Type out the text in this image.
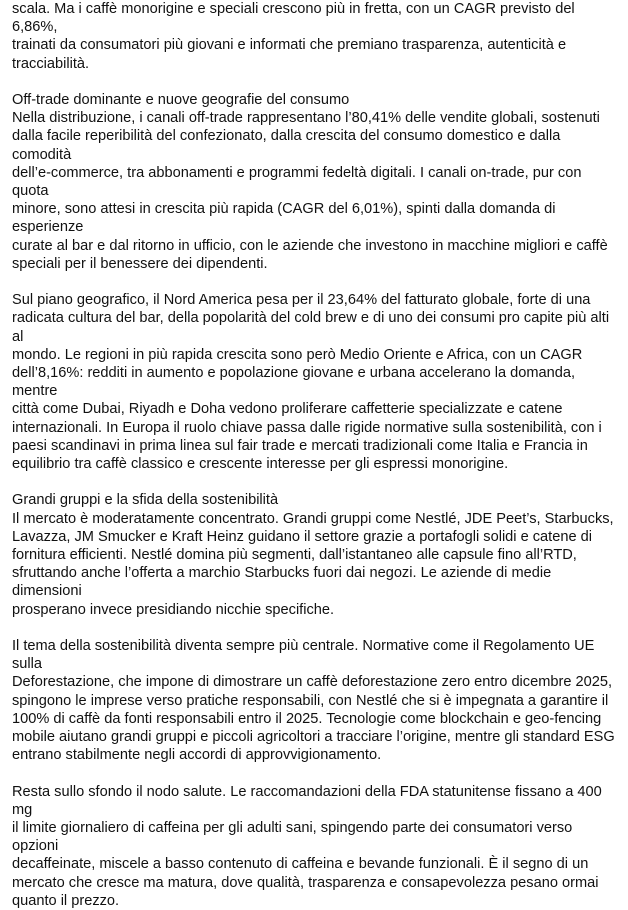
scala. Ma i caffè monorigine e speciali crescono più in fretta, con un CAGR previsto del 6,86%,
trainati da consumatori più giovani e informati che premiano trasparenza, autenticità e
tracciabilità.

Off-trade dominante e nuove geografie del consumo

Nella distribuzione, i canali off-trade rappresentano l’80,41% delle vendite globali, sostenuti
dalla facile reperibilità del confezionato, dalla crescita del consumo domestico e dalla comodità
dell’e-commerce, tra abbonamenti e programmi fedeltà digitali. I canali on-trade, pur con quota
minore, sono attesi in crescita più rapida (CAGR del 6,01%), spinti dalla domanda di esperienze
curate al bar e dal ritorno in ufficio, con le aziende che investono in macchine migliori e caffè
speciali per il benessere dei dipendenti.

Sul piano geografico, il Nord America pesa per il 23,64% del fatturato globale, forte di una
radicata cultura del bar, della popolarità del cold brew e di uno dei consumi pro capite più alti al
mondo. Le regioni in più rapida crescita sono però Medio Oriente e Africa, con un CAGR
dell’8,16%: redditi in aumento e popolazione giovane e urbana accelerano la domanda, mentre
città come Dubai, Riyadh e Doha vedono proliferare caffetterie specializzate e catene
internazionali. In Europa il ruolo chiave passa dalle rigide normative sulla sostenibilità, con i
paesi scandinavi in prima linea sul fair trade e mercati tradizionali come Italia e Francia in
equilibrio tra caffè classico e crescente interesse per gli espressi monorigine.

Grandi gruppi e la sfida della sostenibilità

Il mercato è moderatamente concentrato. Grandi gruppi come Nestlé, JDE Peet’s, Starbucks,
Lavazza, JM Smucker e Kraft Heinz guidano il settore grazie a portafogli solidi e catene di
fornitura efficienti. Nestlé domina più segmenti, dall’istantaneo alle capsule fino all’RTD,
sfruttando anche l’offerta a marchio Starbucks fuori dai negozi. Le aziende di medie dimensioni
prosperano invece presidiando nicchie specifiche.

Il tema della sostenibilità diventa sempre più centrale. Normative come il Regolamento UE sulla
Deforestazione, che impone di dimostrare un caffè deforestazione zero entro dicembre 2025,
spingono le imprese verso pratiche responsabili, con Nestlé che si è impegnata a garantire il
100% di caffè da fonti responsabili entro il 2025. Tecnologie come blockchain e geo-fencing
mobile aiutano grandi gruppi e piccoli agricoltori a tracciare l’origine, mentre gli standard ESG
entrano stabilmente negli accordi di approvvigionamento.

Resta sullo sfondo il nodo salute. Le raccomandazioni della FDA statunitense fissano a 400 mg
il limite giornaliero di caffeina per gli adulti sani, spingendo parte dei consumatori verso opzioni
decaffeinate, miscele a basso contenuto di caffeina e bevande funzionali. È il segno di un
mercato che cresce ma matura, dove qualità, trasparenza e consapevolezza pesano ormai
quanto il prezzo.
